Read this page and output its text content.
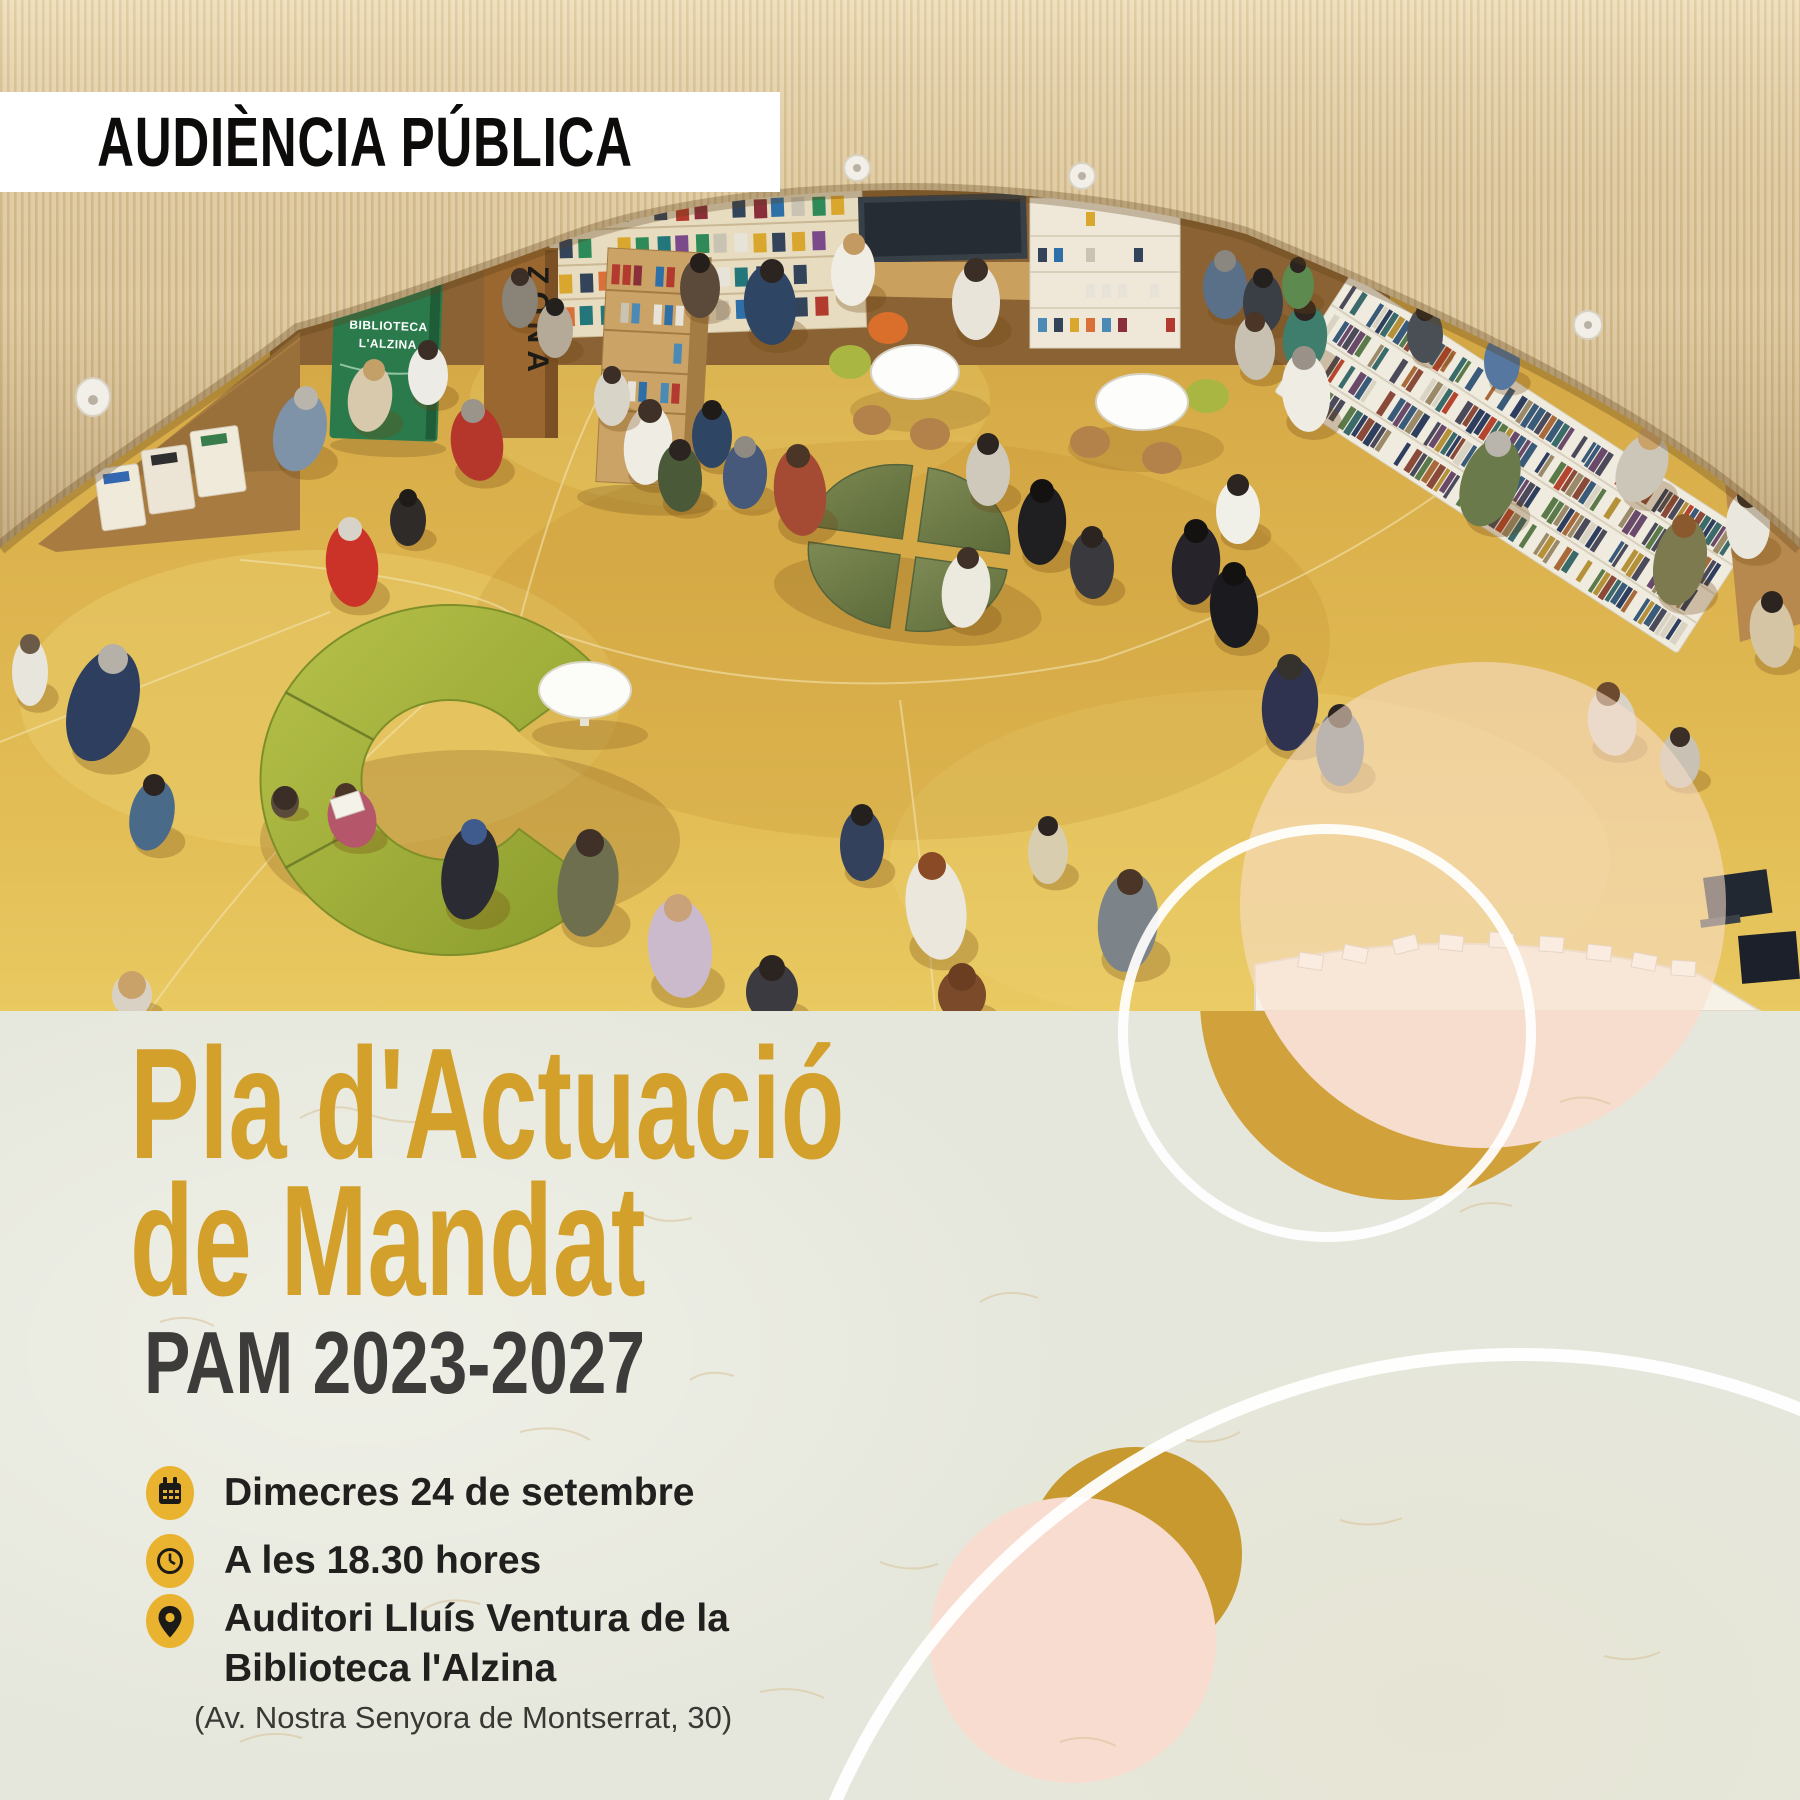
BIBLIOTECA
L'ALZINA
AUDIÈNCIA PÚBLICA
Pla d'Actuació
de Mandat
PAM 2023-2027
Dimecres 24 de setembre
A les 18.30 hores
Auditori Lluís Ventura de la
Biblioteca l'Alzina
(Av. Nostra Senyora de Montserrat, 30)
